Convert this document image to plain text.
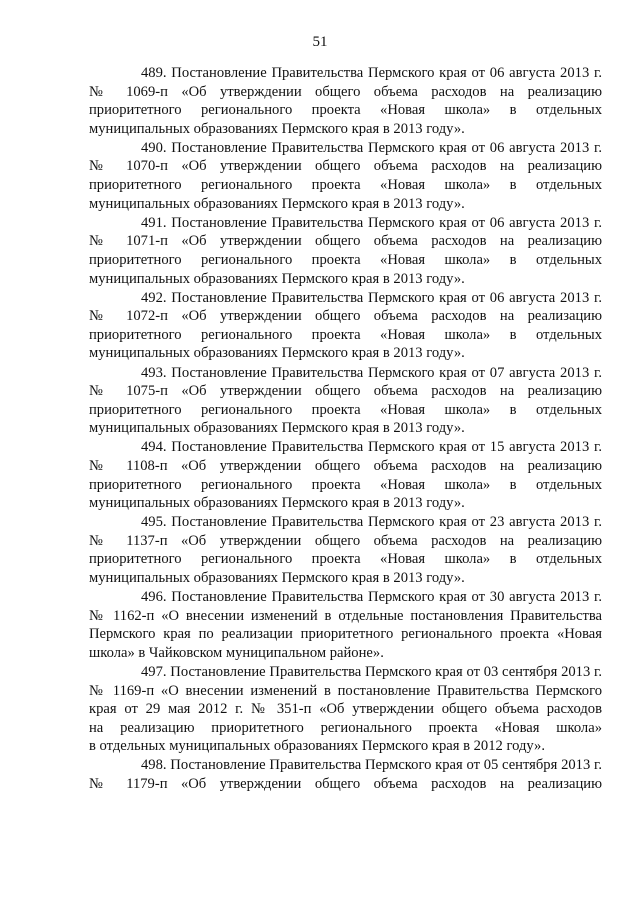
51
489. Постановление Правительства Пермского края от 06 августа 2013 г.
№ 1069-п «Об утверждении общего объема расходов на реализацию
приоритетного регионального проекта «Новая школа» в отдельных
муниципальных образованиях Пермского края в 2013 году».
490. Постановление Правительства Пермского края от 06 августа 2013 г.
№ 1070-п «Об утверждении общего объема расходов на реализацию
приоритетного регионального проекта «Новая школа» в отдельных
муниципальных образованиях Пермского края в 2013 году».
491. Постановление Правительства Пермского края от 06 августа 2013 г.
№ 1071-п «Об утверждении общего объема расходов на реализацию
приоритетного регионального проекта «Новая школа» в отдельных
муниципальных образованиях Пермского края в 2013 году».
492. Постановление Правительства Пермского края от 06 августа 2013 г.
№ 1072-п «Об утверждении общего объема расходов на реализацию
приоритетного регионального проекта «Новая школа» в отдельных
муниципальных образованиях Пермского края в 2013 году».
493. Постановление Правительства Пермского края от 07 августа 2013 г.
№ 1075-п «Об утверждении общего объема расходов на реализацию
приоритетного регионального проекта «Новая школа» в отдельных
муниципальных образованиях Пермского края в 2013 году».
494. Постановление Правительства Пермского края от 15 августа 2013 г.
№ 1108-п «Об утверждении общего объема расходов на реализацию
приоритетного регионального проекта «Новая школа» в отдельных
муниципальных образованиях Пермского края в 2013 году».
495. Постановление Правительства Пермского края от 23 августа 2013 г.
№ 1137-п «Об утверждении общего объема расходов на реализацию
приоритетного регионального проекта «Новая школа» в отдельных
муниципальных образованиях Пермского края в 2013 году».
496. Постановление Правительства Пермского края от 30 августа 2013 г.
№ 1162-п «О внесении изменений в отдельные постановления Правительства
Пермского края по реализации приоритетного регионального проекта «Новая
школа» в Чайковском муниципальном районе».
497. Постановление Правительства Пермского края от 03 сентября 2013 г.
№ 1169-п «О внесении изменений в постановление Правительства Пермского
края от 29 мая 2012 г. № 351-п «Об утверждении общего объема расходов
на реализацию приоритетного регионального проекта «Новая школа»
в отдельных муниципальных образованиях Пермского края в 2012 году».
498. Постановление Правительства Пермского края от 05 сентября 2013 г.
№ 1179-п «Об утверждении общего объема расходов на реализацию
